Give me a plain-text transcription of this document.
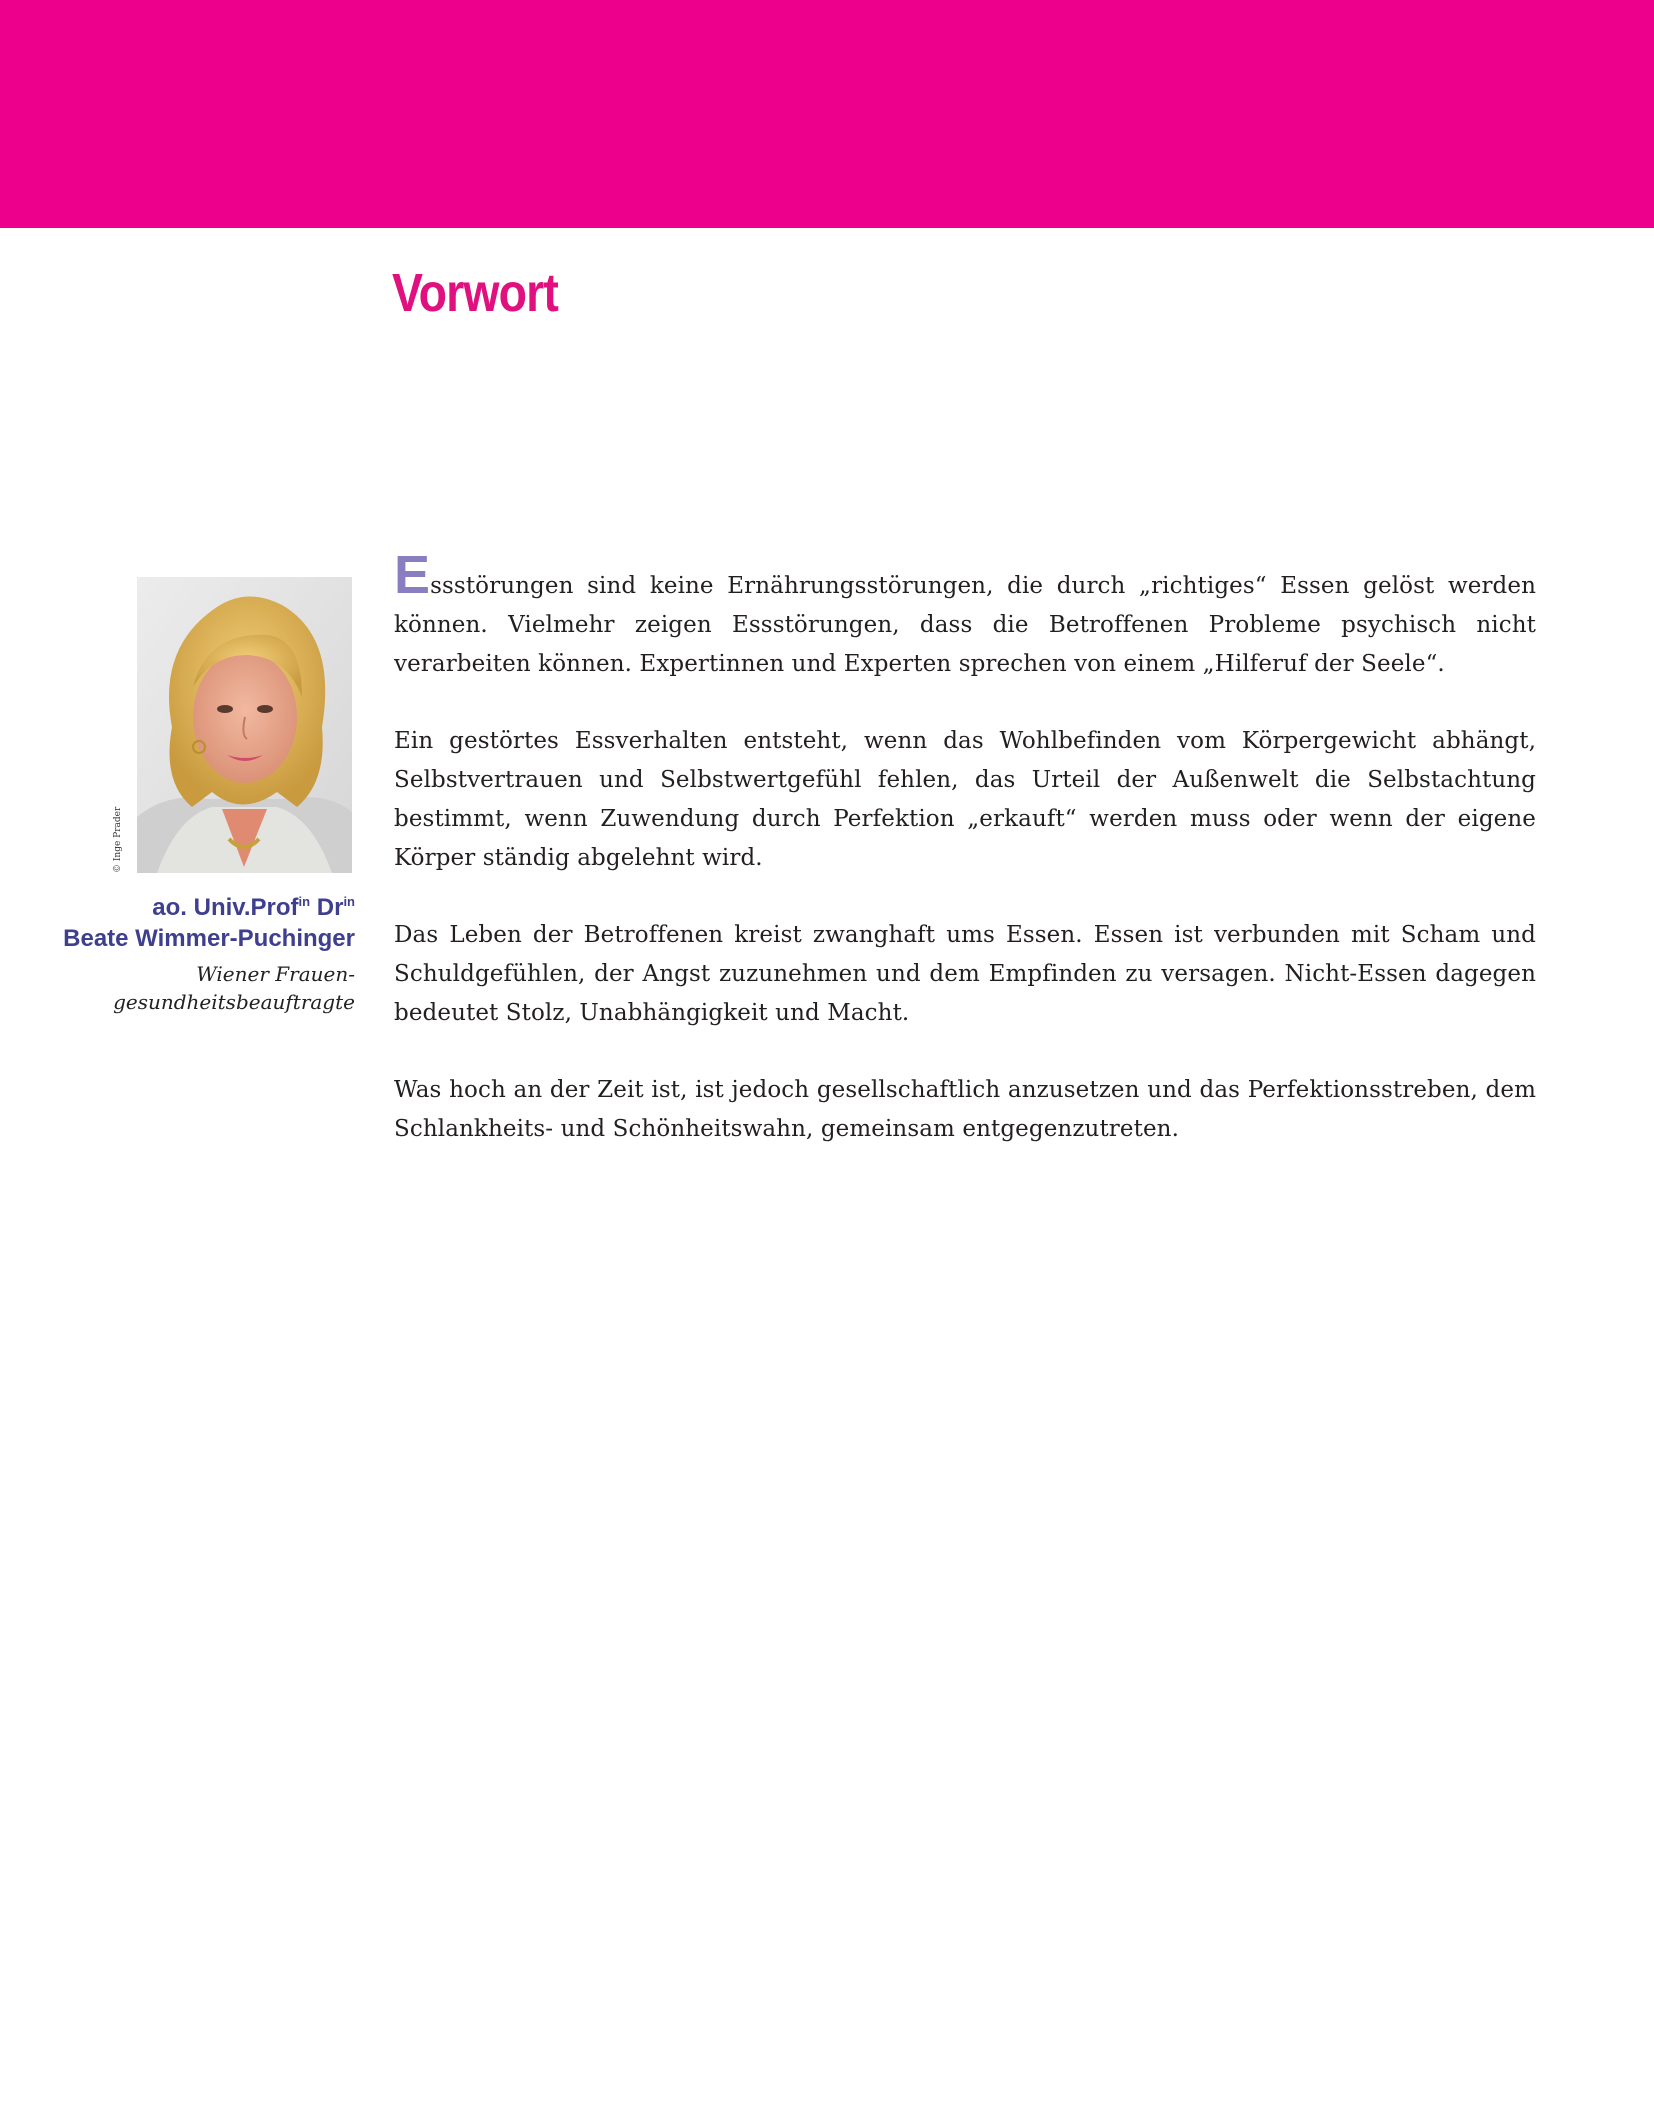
Vorwort
© Inge Prader
ao. Univ.Prof$^{in}$ $Dr^{in}$
Beate Wimmer-Puchinger
Wiener Frauen-
gesundheitsbeauftragte

Essstörungen sind keine Ernährungsstörungen, die durch „richtiges“ Essen gelöst werden können. Vielmehr zeigen Essstörungen, dass die Betroffenen Probleme psychisch nicht verarbeiten können. Expertinnen und Experten sprechen von einem „Hilferuf der Seele“.

Ein gestörtes Essverhalten entsteht, wenn das Wohlbefinden vom Körpergewicht abhängt, Selbstvertrauen und Selbstwertgefühl fehlen, das Urteil der Außenwelt die Selbstachtung bestimmt, wenn Zuwendung durch Perfektion „erkauft“ werden muss oder wenn der eigene Körper ständig abgelehnt wird.

Das Leben der Betroffenen kreist zwanghaft ums Essen. Essen ist verbunden mit Scham und Schuldgefühlen, der Angst zuzunehmen und dem Empfinden zu versagen. Nicht-Essen dagegen bedeutet Stolz, Unabhängigkeit und Macht.

Was hoch an der Zeit ist, ist jedoch gesellschaftlich anzusetzen und das Perfektionsstreben, dem Schlankheits- und Schönheitswahn, gemeinsam entgegenzutreten.
